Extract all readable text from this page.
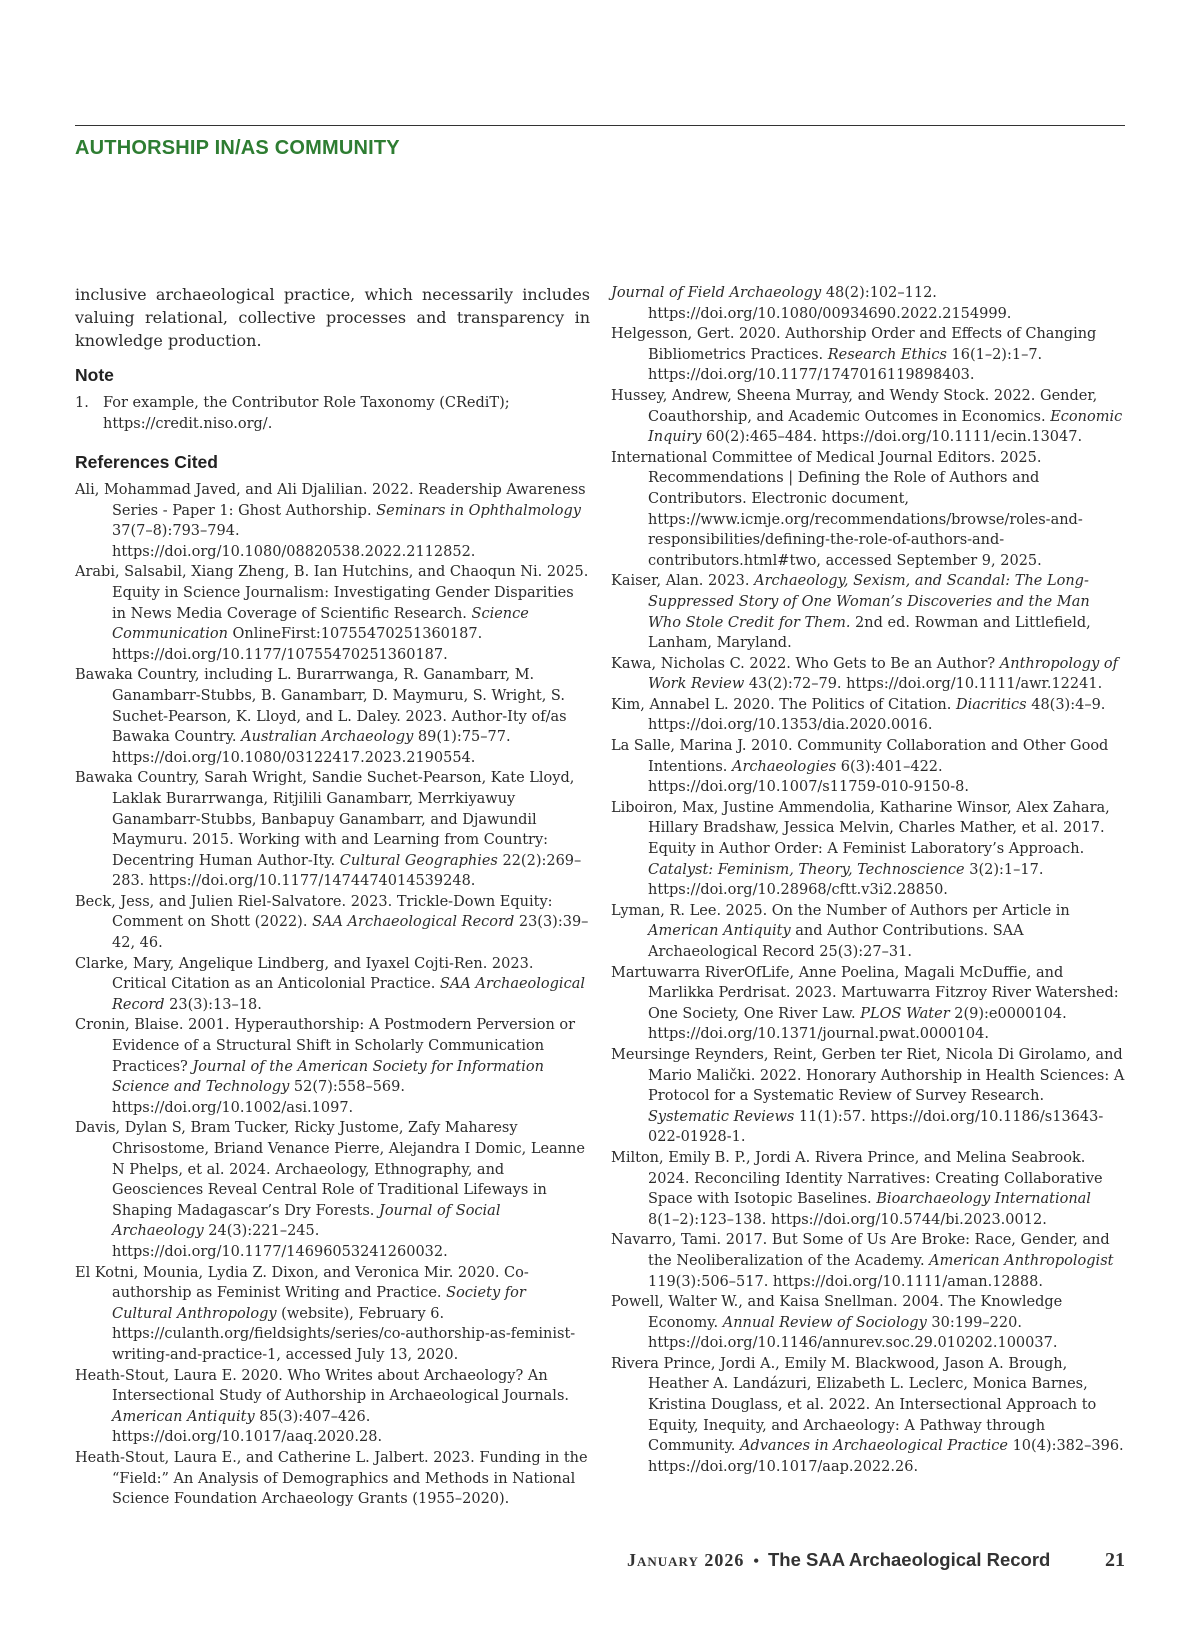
AUTHORSHIP IN/AS COMMUNITY

inclusive archaeological practice, which necessarily includes valuing relational, collective processes and transparency in knowledge production.

Note
1. For example, the Contributor Role Taxonomy (CRediT); https://credit.niso.org/.
References Cited
Ali, Mohammad Javed, and Ali Djalilian. 2022. Readership Awareness Series - Paper 1: Ghost Authorship. Seminars in Ophthalmology 37(7–8):793–794. https://doi.org/10.1080/08820538.2022.2112852.
Arabi, Salsabil, Xiang Zheng, B. Ian Hutchins, and Chaoqun Ni. 2025. Equity in Science Journalism: Investigating Gender Disparities in News Media Coverage of Scientific Research. Science Communication OnlineFirst:10755470251360187. https://doi.org/10.1177/10755470251360187.
Bawaka Country, including L. Burarrwanga, R. Ganambarr, M. Ganambarr-Stubbs, B. Ganambarr, D. Maymuru, S. Wright, S. Suchet-Pearson, K. Lloyd, and L. Daley. 2023. Author-Ity of/as Bawaka Country. Australian Archaeology 89(1):75–77. https://doi.org/10.1080/03122417.2023.2190554.
Bawaka Country, Sarah Wright, Sandie Suchet-Pearson, Kate Lloyd, Laklak Burarrwanga, Ritjilili Ganambarr, Merrkiyawuy Ganambarr-Stubbs, Banbapuy Ganambarr, and Djawundil Maymuru. 2015. Working with and Learning from Country: Decentring Human Author-Ity. Cultural Geographies 22(2):269–283. https://doi.org/10.1177/1474474014539248.
Beck, Jess, and Julien Riel-Salvatore. 2023. Trickle-Down Equity: Comment on Shott (2022). SAA Archaeological Record 23(3):39–42, 46.
Clarke, Mary, Angelique Lindberg, and Iyaxel Cojti-Ren. 2023. Critical Citation as an Anticolonial Practice. SAA Archaeological Record 23(3):13–18.
Cronin, Blaise. 2001. Hyperauthorship: A Postmodern Perversion or Evidence of a Structural Shift in Scholarly Communication Practices? Journal of the American Society for Information Science and Technology 52(7):558–569. https://doi.org/10.1002/asi.1097.
Davis, Dylan S, Bram Tucker, Ricky Justome, Zafy Maharesy Chrisostome, Briand Venance Pierre, Alejandra I Domic, Leanne N Phelps, et al. 2024. Archaeology, Ethnography, and Geosciences Reveal Central Role of Traditional Lifeways in Shaping Madagascar’s Dry Forests. Journal of Social Archaeology 24(3):221–245. https://doi.org/10.1177/14696053241260032.
El Kotni, Mounia, Lydia Z. Dixon, and Veronica Mir. 2020. Co-authorship as Feminist Writing and Practice. Society for Cultural Anthropology (website), February 6. https://culanth.org/fieldsights/series/co-authorship-as-feminist-writing-and-practice-1, accessed July 13, 2020.
Heath-Stout, Laura E. 2020. Who Writes about Archaeology? An Intersectional Study of Authorship in Archaeological Journals. American Antiquity 85(3):407–426. https://doi.org/10.1017/aaq.2020.28.
Heath-Stout, Laura E., and Catherine L. Jalbert. 2023. Funding in the “Field:” An Analysis of Demographics and Methods in National Science Foundation Archaeology Grants (1955–2020).
Journal of Field Archaeology 48(2):102–112. https://doi.org/10.1080/00934690.2022.2154999.
Helgesson, Gert. 2020. Authorship Order and Effects of Changing Bibliometrics Practices. Research Ethics 16(1–2):1–7. https://doi.org/10.1177/1747016119898403.
Hussey, Andrew, Sheena Murray, and Wendy Stock. 2022. Gender, Coauthorship, and Academic Outcomes in Economics. Economic Inquiry 60(2):465–484. https://doi.org/10.1111/ecin.13047.
International Committee of Medical Journal Editors. 2025. Recommendations | Defining the Role of Authors and Contributors. Electronic document, https://www.icmje.org/recommendations/browse/roles-and-responsibilities/defining-the-role-of-authors-and-contributors.html#two, accessed September 9, 2025.
Kaiser, Alan. 2023. Archaeology, Sexism, and Scandal: The Long-Suppressed Story of One Woman’s Discoveries and the Man Who Stole Credit for Them. 2nd ed. Rowman and Littlefield, Lanham, Maryland.
Kawa, Nicholas C. 2022. Who Gets to Be an Author? Anthropology of Work Review 43(2):72–79. https://doi.org/10.1111/awr.12241.
Kim, Annabel L. 2020. The Politics of Citation. Diacritics 48(3):4–9. https://doi.org/10.1353/dia.2020.0016.
La Salle, Marina J. 2010. Community Collaboration and Other Good Intentions. Archaeologies 6(3):401–422. https://doi.org/10.1007/s11759-010-9150-8.
Liboiron, Max, Justine Ammendolia, Katharine Winsor, Alex Zahara, Hillary Bradshaw, Jessica Melvin, Charles Mather, et al. 2017. Equity in Author Order: A Feminist Laboratory’s Approach. Catalyst: Feminism, Theory, Technoscience 3(2):1–17. https://doi.org/10.28968/cftt.v3i2.28850.
Lyman, R. Lee. 2025. On the Number of Authors per Article in American Antiquity and Author Contributions. SAA Archaeological Record 25(3):27–31.
Martuwarra RiverOfLife, Anne Poelina, Magali McDuffie, and Marlikka Perdrisat. 2023. Martuwarra Fitzroy River Watershed: One Society, One River Law. PLOS Water 2(9):e0000104. https://doi.org/10.1371/journal.pwat.0000104.
Meursinge Reynders, Reint, Gerben ter Riet, Nicola Di Girolamo, and Mario Malički. 2022. Honorary Authorship in Health Sciences: A Protocol for a Systematic Review of Survey Research. Systematic Reviews 11(1):57. https://doi.org/10.1186/s13643-022-01928-1.
Milton, Emily B. P., Jordi A. Rivera Prince, and Melina Seabrook. 2024. Reconciling Identity Narratives: Creating Collaborative Space with Isotopic Baselines. Bioarchaeology International 8(1–2):123–138. https://doi.org/10.5744/bi.2023.0012.
Navarro, Tami. 2017. But Some of Us Are Broke: Race, Gender, and the Neoliberalization of the Academy. American Anthropologist 119(3):506–517. https://doi.org/10.1111/aman.12888.
Powell, Walter W., and Kaisa Snellman. 2004. The Knowledge Economy. Annual Review of Sociology 30:199–220. https://doi.org/10.1146/annurev.soc.29.010202.100037.
Rivera Prince, Jordi A., Emily M. Blackwood, Jason A. Brough, Heather A. Landázuri, Elizabeth L. Leclerc, Monica Barnes, Kristina Douglass, et al. 2022. An Intersectional Approach to Equity, Inequity, and Archaeology: A Pathway through Community. Advances in Archaeological Practice 10(4):382–396. https://doi.org/10.1017/aap.2022.26.
January 2026 • The SAA Archaeological Record	21
